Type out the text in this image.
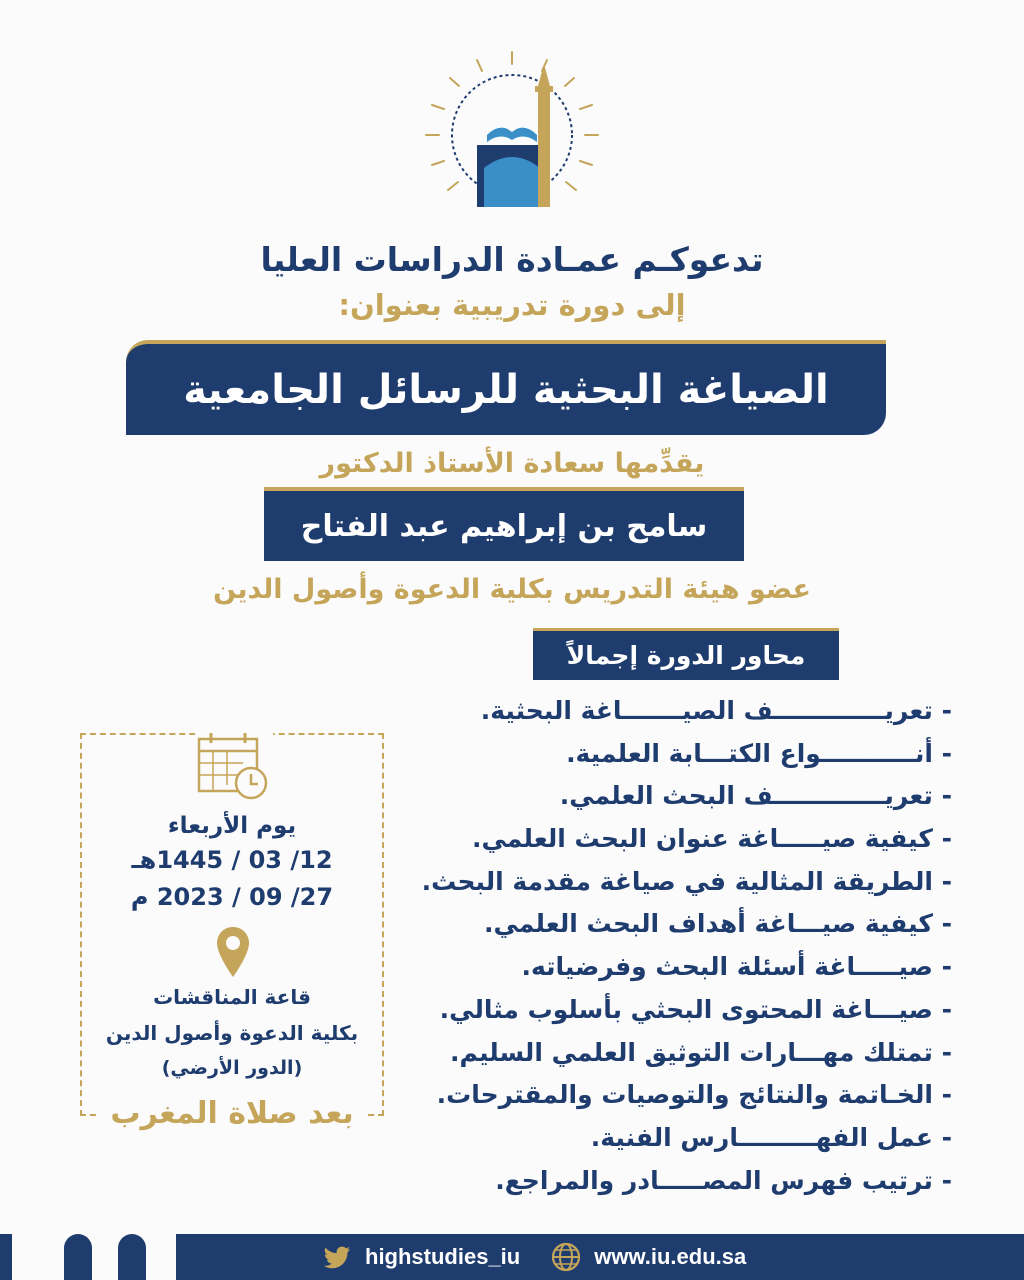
تدعوكـم عمـادة الدراسات العليا
إلى دورة تدريبية بعنوان:
الصياغة البحثية للرسائل الجامعية
يقدِّمها سعادة الأستاذ الدكتور
سامح بن إبراهيم عبد الفتاح
عضو هيئة التدريس بكلية الدعوة وأصول الدين
محاور الدورة إجمالاً
- تعريـــــــــــــف الصيـــــــاغة البحثية.
- أنـــــــــــواع الكتـــابة العلمية.
- تعريـــــــــــــف البحث العلمي.
- كيفية صيـــــاغة عنوان البحث العلمي.
- الطريقة المثالية في صياغة مقدمة البحث.
- كيفية صيـــاغة أهداف البحث العلمي.
- صيـــــاغة أسئلة البحث وفرضياته.
- صيـــاغة المحتوى البحثي بأسلوب مثالي.
- تمتلك مهـــارات التوثيق العلمي السليم.
- الخـاتمة والنتائج والتوصيات والمقترحات.
- عمل الفهـــــــــارس الفنية.
- ترتيب فهرس المصـــــادر والمراجع.
يوم الأربعاء
12/ 03 / 1445هـ
27/ 09 / 2023 م
قاعة المناقشات
بكلية الدعوة وأصول الدين
(الدور الأرضي)
بعد صلاة المغرب
highstudies_iu	www.iu.edu.sa
